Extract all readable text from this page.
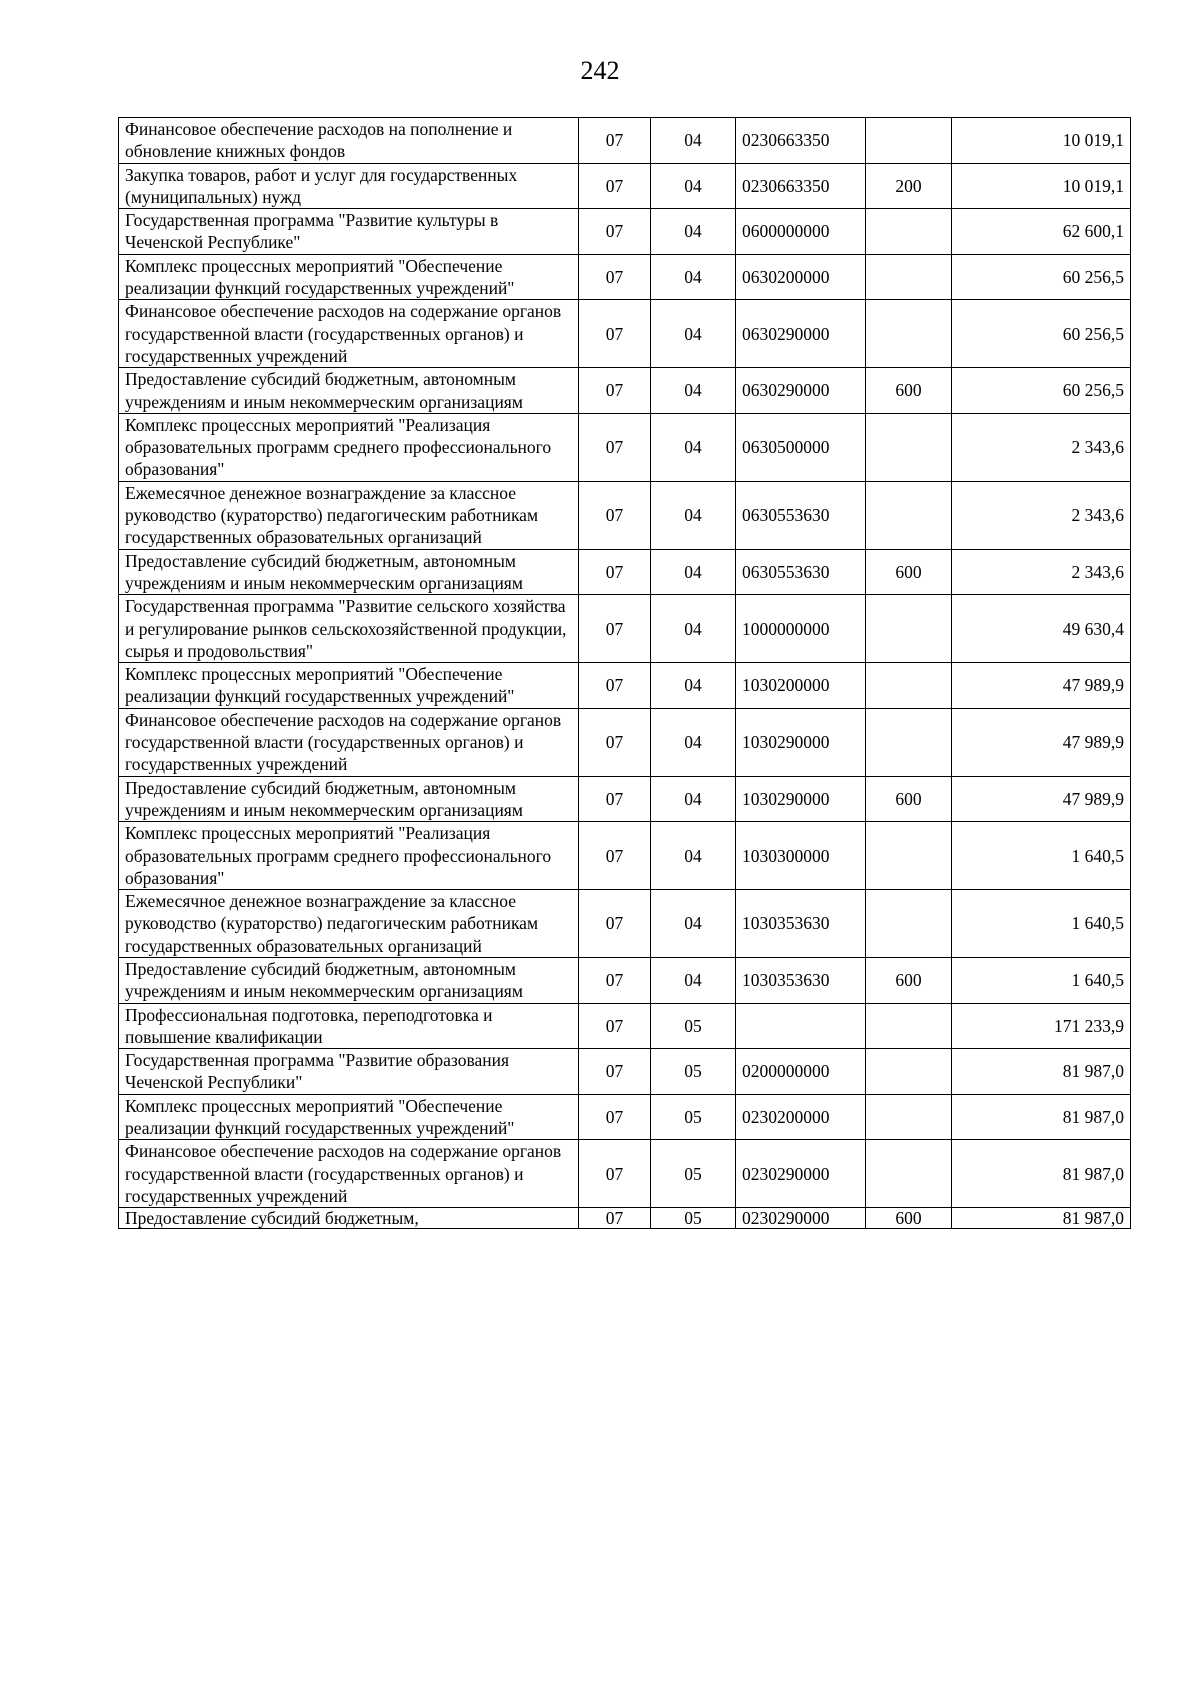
242
Финансовое обеспечение расходов на пополнение и обновление книжных фондов	07	04	0230663350		10 019,1
Закупка товаров, работ и услуг для государственных (муниципальных) нужд	07	04	0230663350	200	10 019,1
Государственная программа "Развитие культуры в Чеченской Республике"	07	04	0600000000		62 600,1
Комплекс процессных мероприятий "Обеспечение реализации функций государственных учреждений"	07	04	0630200000		60 256,5
Финансовое обеспечение расходов на содержание органов государственной власти (государственных органов) и государственных учреждений	07	04	0630290000		60 256,5
Предоставление субсидий бюджетным, автономным учреждениям и иным некоммерческим организациям	07	04	0630290000	600	60 256,5
Комплекс процессных мероприятий "Реализация образовательных программ среднего профессионального образования"	07	04	0630500000		2 343,6
Ежемесячное денежное вознаграждение за классное руководство (кураторство) педагогическим работникам государственных образовательных организаций	07	04	0630553630		2 343,6
Предоставление субсидий бюджетным, автономным учреждениям и иным некоммерческим организациям	07	04	0630553630	600	2 343,6
Государственная программа "Развитие сельского хозяйства и регулирование рынков сельскохозяйственной продукции, сырья и продовольствия"	07	04	1000000000		49 630,4
Комплекс процессных мероприятий "Обеспечение реализации функций государственных учреждений"	07	04	1030200000		47 989,9
Финансовое обеспечение расходов на содержание органов государственной власти (государственных органов) и государственных учреждений	07	04	1030290000		47 989,9
Предоставление субсидий бюджетным, автономным учреждениям и иным некоммерческим организациям	07	04	1030290000	600	47 989,9
Комплекс процессных мероприятий "Реализация образовательных программ среднего профессионального образования"	07	04	1030300000		1 640,5
Ежемесячное денежное вознаграждение за классное руководство (кураторство) педагогическим работникам государственных образовательных организаций	07	04	1030353630		1 640,5
Предоставление субсидий бюджетным, автономным учреждениям и иным некоммерческим организациям	07	04	1030353630	600	1 640,5
Профессиональная подготовка, переподготовка и повышение квалификации	07	05			171 233,9
Государственная программа "Развитие образования Чеченской Республики"	07	05	0200000000		81 987,0
Комплекс процессных мероприятий "Обеспечение реализации функций государственных учреждений"	07	05	0230200000		81 987,0
Финансовое обеспечение расходов на содержание органов государственной власти (государственных органов) и государственных учреждений	07	05	0230290000		81 987,0
Предоставление субсидий бюджетным,	07	05	0230290000	600	81 987,0
